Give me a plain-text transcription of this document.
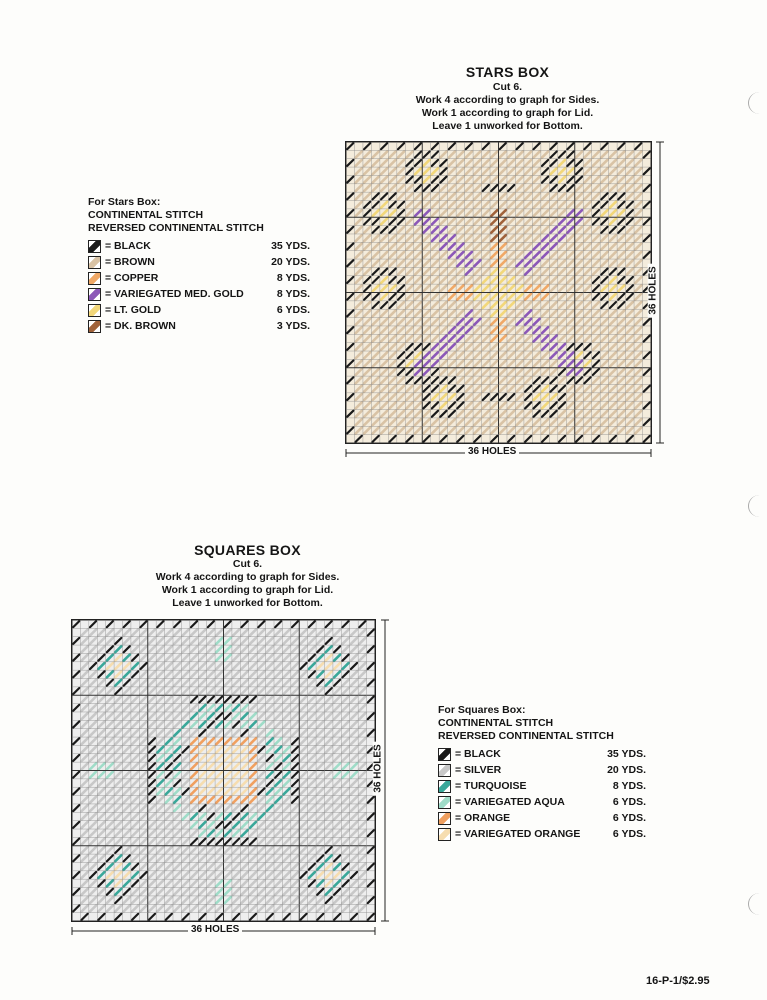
STARS BOX
Cut 6.
Work 4 according to graph for Sides.
Work 1 according to graph for Lid.
Leave 1 unworked for Bottom.
For Stars Box:
CONTINENTAL STITCH
REVERSED CONTINENTAL STITCH
= BLACK	35 YDS.
= BROWN	20 YDS.
= COPPER	8 YDS.
= VARIEGATED MED. GOLD	8 YDS.
= LT. GOLD	6 YDS.
= DK. BROWN	3 YDS.
36 HOLES
36 HOLES
SQUARES BOX
Cut 6.
Work 4 according to graph for Sides.
Work 1 according to graph for Lid.
Leave 1 unworked for Bottom.
36 HOLES
36 HOLES
For Squares Box:
CONTINENTAL STITCH
REVERSED CONTINENTAL STITCH
= BLACK	35 YDS.
= SILVER	20 YDS.
= TURQUOISE	8 YDS.
= VARIEGATED AQUA	6 YDS.
= ORANGE	6 YDS.
= VARIEGATED ORANGE	6 YDS.
16-P-1/$2.95
